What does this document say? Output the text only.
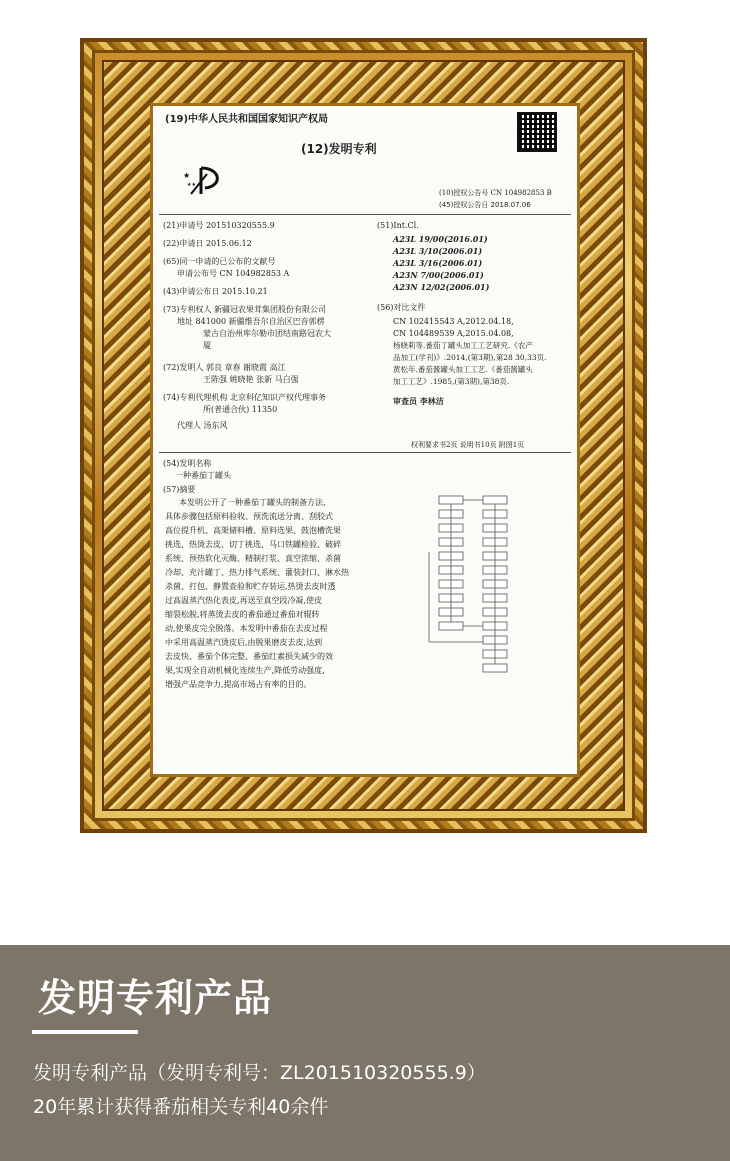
(19)中华人民共和国国家知识产权局
(12)发明专利
★
★★
(10)授权公告号 CN 104982853 B
(45)授权公告日 2018.07.06
(21)申请号 201510320555.9
(22)申请日 2015.06.12
(65)同一申请的已公布的文献号
申请公布号 CN 104982853 A
(43)申请公布日 2015.10.21
(73)专利权人 新疆冠农果茸集团股份有限公司
地址 841000 新疆维吾尔自治区巴音郭楞
蒙古自治州库尔勒市团结南路冠农大
厦
(72)发明人 郭良 章春 谢晓霞 高江
王陈强 姚晓艳 张新 马白强
(74)专利代理机构 北京科亿知识产权代理事务
所(普通合伙) 11350
代理人 汤东风
(51)Int.Cl.
A23L 19/00(2016.01)
A23L 3/10(2006.01)
A23L 3/16(2006.01)
A23N 7/00(2006.01)
A23N 12/02(2006.01)
(56)对比文件
CN 102415543 A,2012.04.18,
CN 104489539 A,2015.04.08,
杨晓莉等.番茄丁罐头加工工艺研究.《农产
品加工(学刊)》.2014,(第3期),第28 30,33页.
黄松年.番茄酱罐头加工工艺.《番茄酱罐头
加工工艺》.1985,(第3期),第38页.
审查员 李林洁
权利要求书2页 说明书10页 附图1页
(54)发明名称
一种番茄丁罐头
(57)摘要
本发明公开了一种番茄丁罐头的制备方法,
具体步骤包括原料验收、预洗流送分离、刮胶式
高位提升机、高架储料槽、原料选果、鼓泡槽洗果
挑选、热烫去皮、切丁挑选、马口铁罐检验、破碎
系统、预热软化灭酶、精制打浆、真空浓缩、杀菌
冷却、充汁罐丁、热力排气系统、灌装封口、淋水热
杀菌、打包、静置查验和贮存装运,热烫去皮时透
过高温蒸汽热化表皮,再送至真空段冷凝,使皮
缩裂松脱,将蒸烫去皮的番茄通过番茄对辊转
动,使果皮完全脱落。本发明中番茄在去皮过程
中采用高温蒸汽烫皮后,由脱果磨皮去皮,达到
去皮快、番茄个体完整、番茄红素损失减少的效
果,实现全自动机械化连续生产,降低劳动强度,
增强产品竞争力,提高市场占有率的目的。
发明专利产品
发明专利产品（发明专利号：ZL201510320555.9）
20年累计获得番茄相关专利40余件
